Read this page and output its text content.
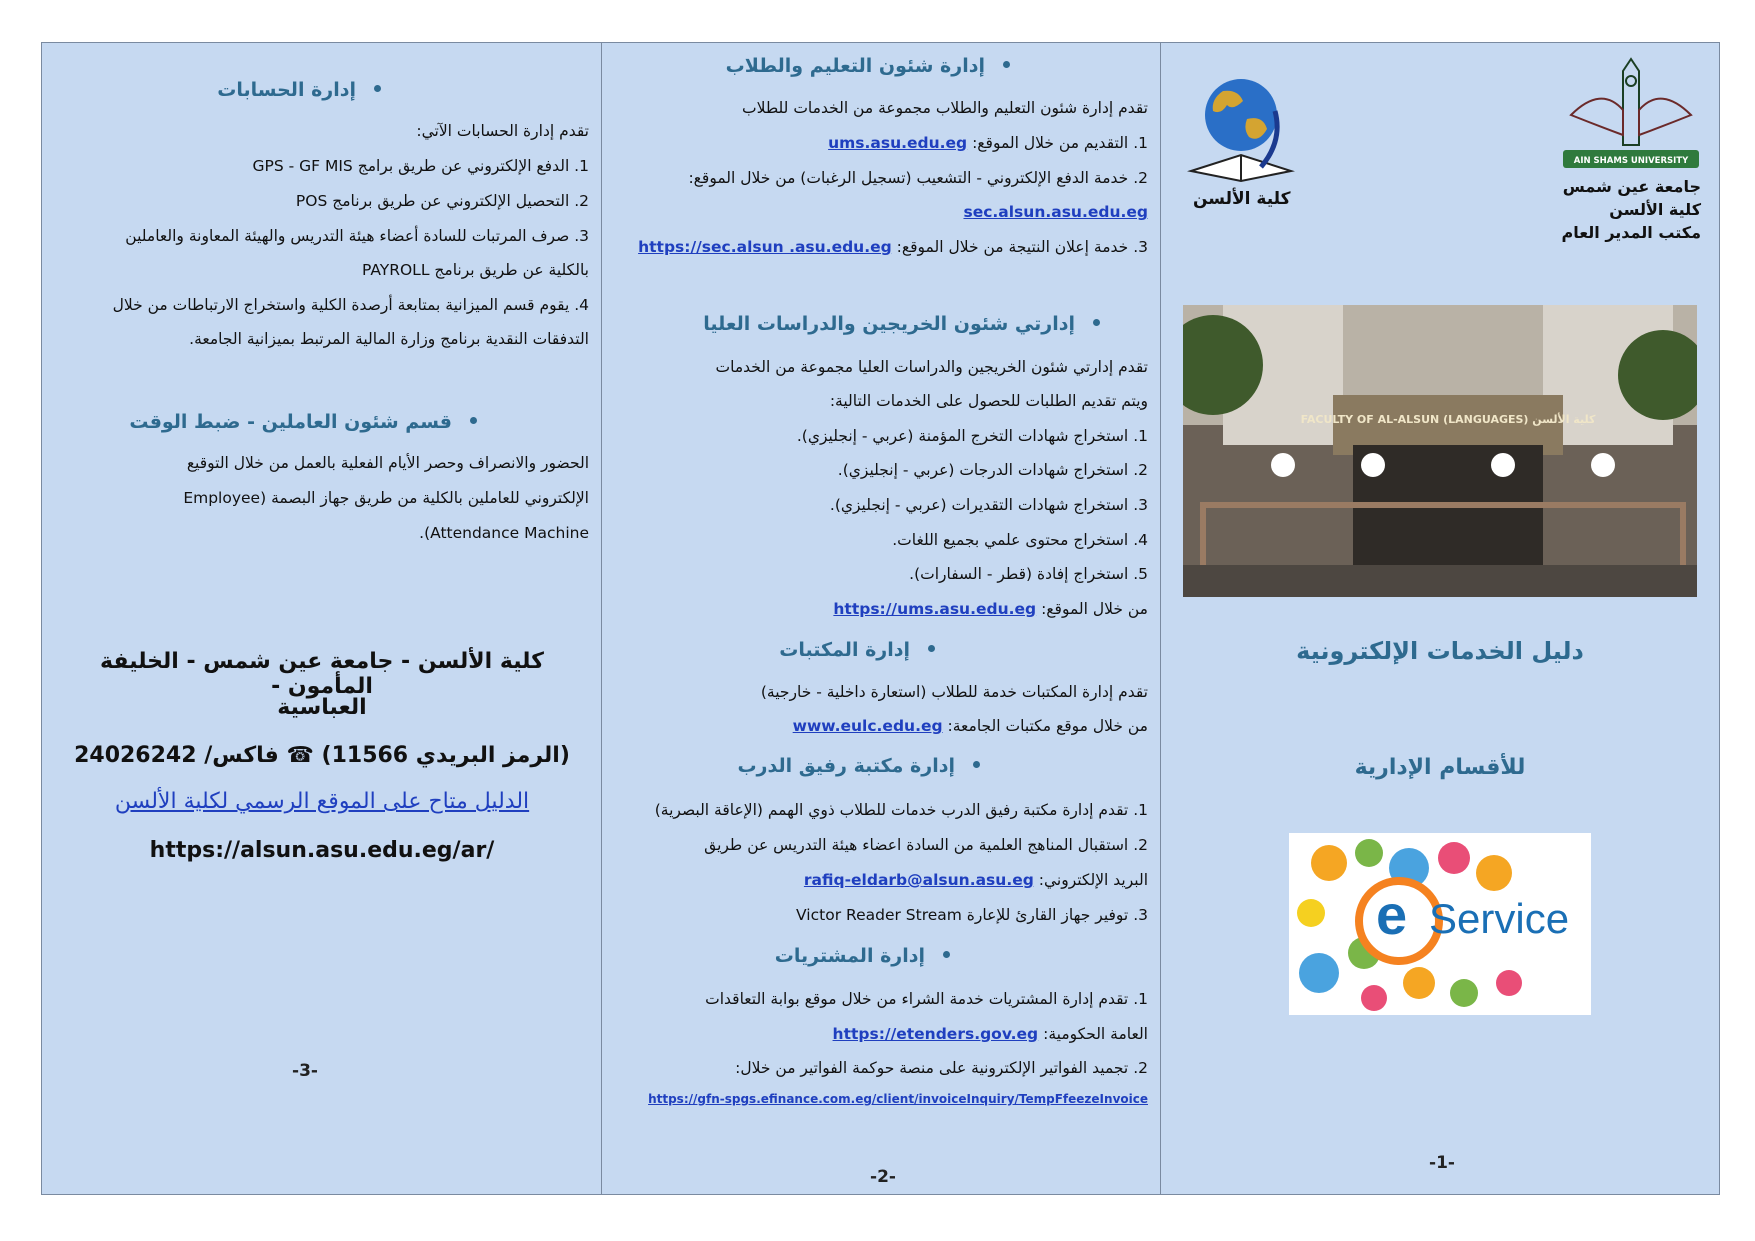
إدارة الحسابات
تقدم إدارة الحسابات الآتي:
1. الدفع الإلكتروني عن طريق برامج GPS - GF MIS
2. التحصيل الإلكتروني عن طريق برنامج POS
3. صرف المرتبات للسادة أعضاء هيئة التدريس والهيئة المعاونة والعاملين
بالكلية عن طريق برنامج PAYROLL
4. يقوم قسم الميزانية بمتابعة أرصدة الكلية واستخراج الارتباطات من خلال
التدفقات النقدية برنامج وزارة المالية المرتبط بميزانية الجامعة.
قسم شئون العاملين - ضبط الوقت
الحضور والانصراف وحصر الأيام الفعلية بالعمل من خلال التوقيع
الإلكتروني للعاملين بالكلية من طريق جهاز البصمة (Employee
Attendance Machine).
كلية الألسن - جامعة عين شمس - الخليفة المأمون -
العباسية
(الرمز البريدي 11566) ☎ فاكس/ 24026242
الدليل متاح على الموقع الرسمي لكلية الألسن
https://alsun.asu.edu.eg/ar/
-3-
إدارة شئون التعليم والطلاب
تقدم إدارة شئون التعليم والطلاب مجموعة من الخدمات للطلاب
1. التقديم من خلال الموقع: ums.asu.edu.eg
2. خدمة الدفع الإلكتروني - التشعيب (تسجيل الرغبات) من خلال الموقع:
sec.alsun.asu.edu.eg
3. خدمة إعلان النتيجة من خلال الموقع: https://sec.alsun .asu.edu.eg
إدارتي شئون الخريجين والدراسات العليا
تقدم إدارتي شئون الخريجين والدراسات العليا مجموعة من الخدمات
ويتم تقديم الطلبات للحصول على الخدمات التالية:
1. استخراج شهادات التخرج المؤمنة (عربي - إنجليزي).
2. استخراج شهادات الدرجات (عربي - إنجليزي).
3. استخراج شهادات التقديرات (عربي - إنجليزي).
4. استخراج محتوى علمي بجميع اللغات.
5. استخراج إفادة (قطر - السفارات).
من خلال الموقع: https://ums.asu.edu.eg
إدارة المكتبات
تقدم إدارة المكتبات خدمة للطلاب (استعارة داخلية - خارجية)
من خلال موقع مكتبات الجامعة: www.eulc.edu.eg
إدارة مكتبة رفيق الدرب
1. تقدم إدارة مكتبة رفيق الدرب خدمات للطلاب ذوي الهمم (الإعاقة البصرية)
2. استقبال المناهج العلمية من السادة اعضاء هيئة التدريس عن طريق
البريد الإلكتروني: rafiq-eldarb@alsun.asu.eg
3. توفير جهاز القارئ للإعارة Victor Reader Stream
إدارة المشتريات
1. تقدم إدارة المشتريات خدمة الشراء من خلال موقع بوابة التعاقدات
العامة الحكومية: https://etenders.gov.eg
2. تجميد الفواتير الإلكترونية على منصة حوكمة الفواتير من خلال:
https://gfn-spgs.efinance.com.eg/client/invoiceInquiry/TempFfeezeInvoice
-2-
AIN SHAMS UNIVERSITY
جامعة عين شمس
كلية الألسن
مكتب المدير العام
كلية الألسن
كلية الألسن FACULTY OF AL-ALSUN (LANGUAGES)
دليل الخدمات الإلكترونية
للأقسام الإدارية
e Service
-1-
